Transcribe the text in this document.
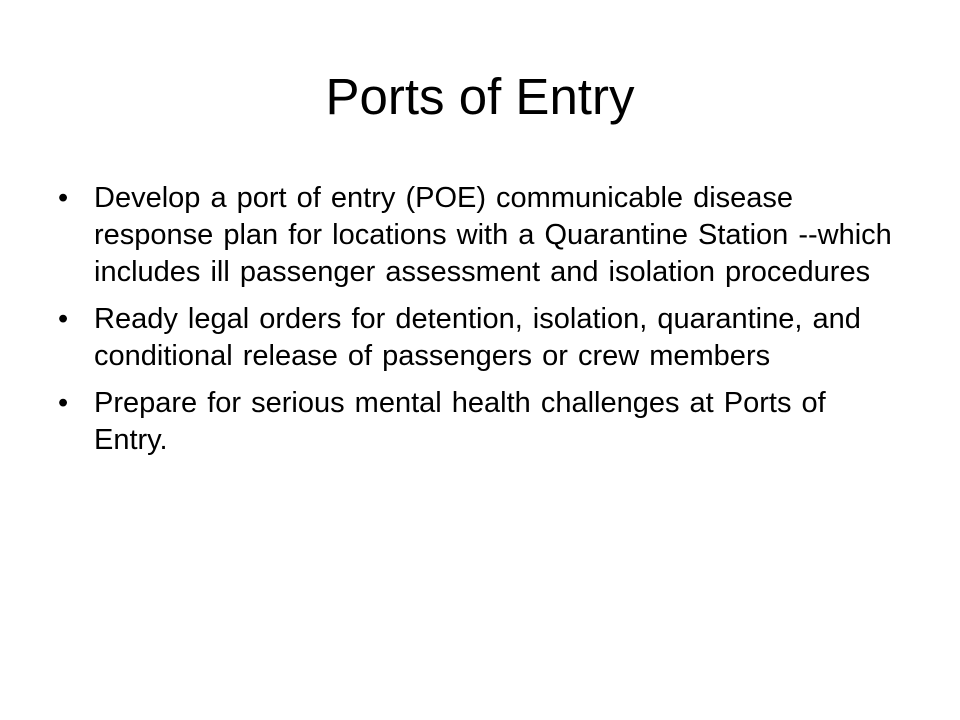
Ports of Entry
• Develop a port of entry (POE) communicable disease response plan for locations with a Quarantine Station --which includes ill passenger assessment and isolation procedures
• Ready legal orders for detention, isolation, quarantine, and conditional release of passengers or crew members
• Prepare for serious mental health challenges at Ports of Entry.
